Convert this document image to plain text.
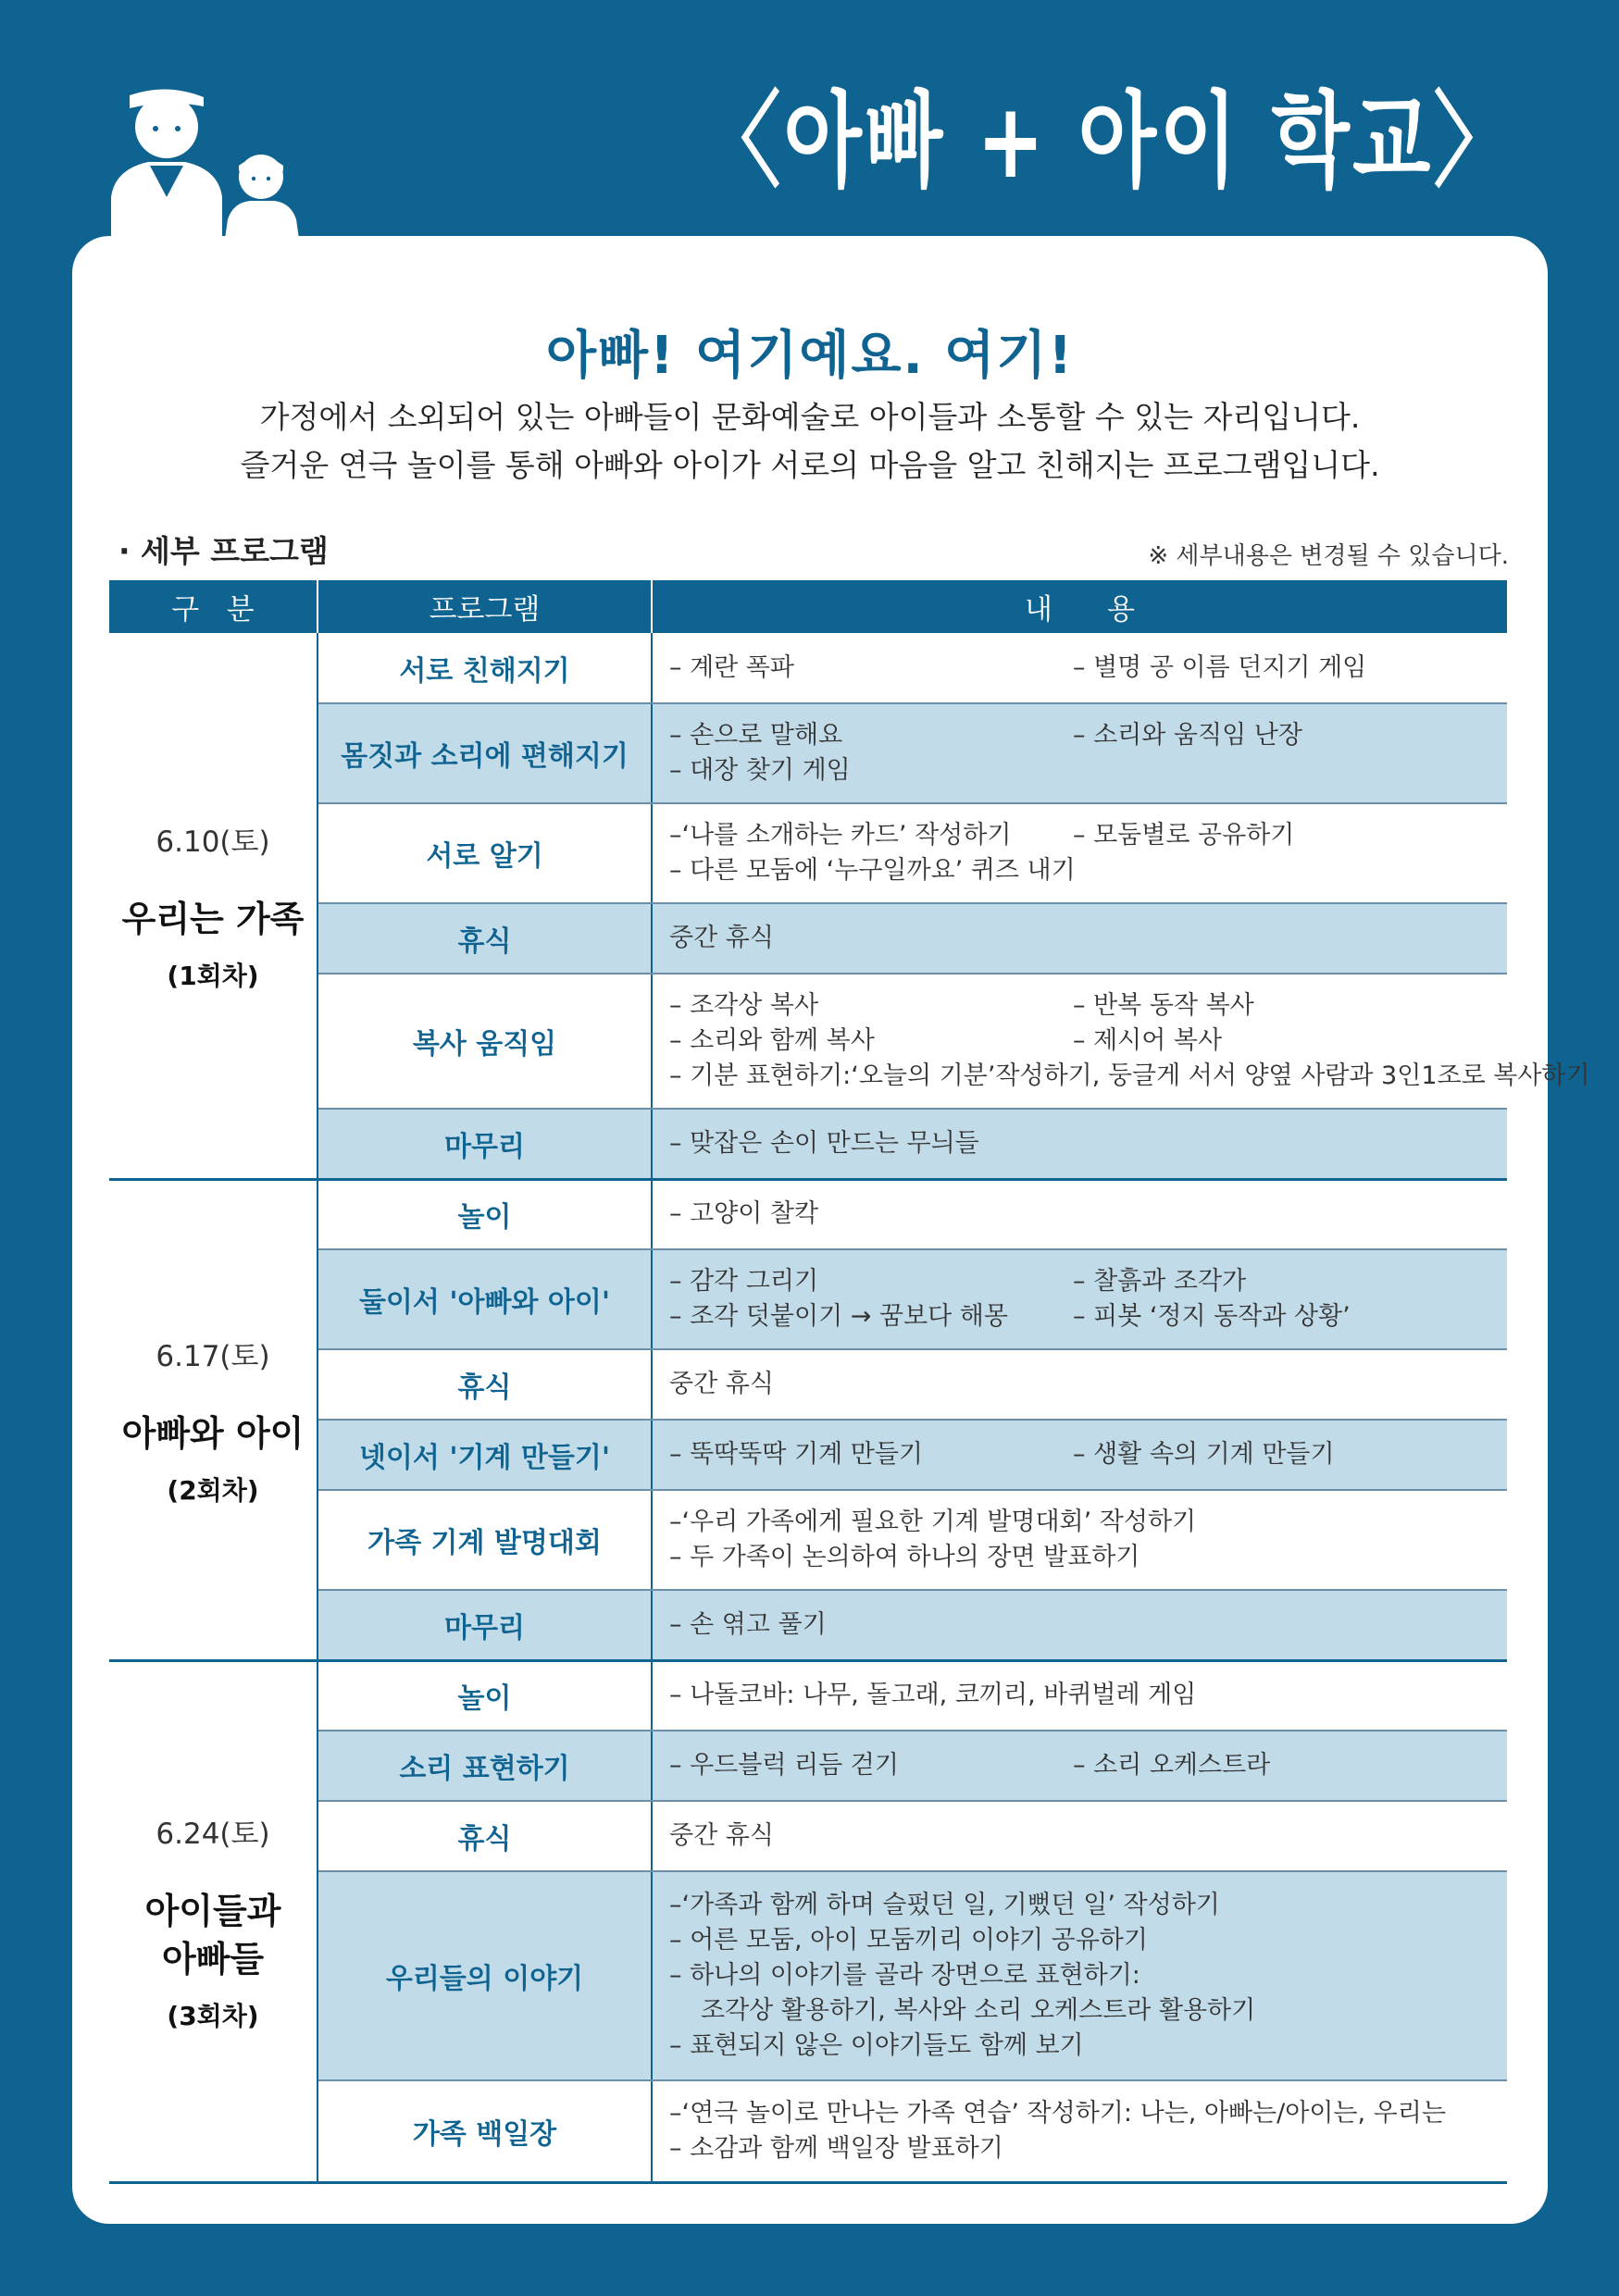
〈아빠 + 아이 학교〉
아빠! 여기예요. 여기!
가정에서 소외되어 있는 아빠들이 문화예술로 아이들과 소통할 수 있는 자리입니다.
즐거운 연극 놀이를 통해 아빠와 아이가 서로의 마음을 알고 친해지는 프로그램입니다.
· 세부 프로그램	※ 세부내용은 변경될 수 있습니다.
구   분	프로그램	내      용

6.10(토)
우리는 가족
(1회차)	서로 친해지기	– 계란 폭파 – 별명 공 이름 던지기 게임

	몸짓과 소리에 편해지기	– 손으로 말해요 – 소리와 움직임 난장
– 대장 찾기 게임

	서로 알기	–‘나를 소개하는 카드’ 작성하기 – 모둠별로 공유하기
– 다른 모둠에 ‘누구일까요’ 퀴즈 내기

	휴식	중간 휴식

	복사 움직임	– 조각상 복사 – 반복 동작 복사
– 소리와 함께 복사 – 제시어 복사
– 기분 표현하기:‘오늘의 기분’작성하기, 둥글게 서서 양옆 사람과 3인1조로 복사하기

	마무리	– 맞잡은 손이 만드는 무늬들

6.17(토)
아빠와 아이
(2회차)	놀이	– 고양이 찰칵

	둘이서 '아빠와 아이'	– 감각 그리기 – 찰흙과 조각가
– 조각 덧붙이기 → 꿈보다 해몽 – 피봇 ‘정지 동작과 상황’

	휴식	중간 휴식

	넷이서 '기계 만들기'	– 뚝딱뚝딱 기계 만들기 – 생활 속의 기계 만들기

	가족 기계 발명대회	–‘우리 가족에게 필요한 기계 발명대회’ 작성하기
– 두 가족이 논의하여 하나의 장면 발표하기

	마무리	– 손 엮고 풀기

6.24(토)
아이들과
아빠들
(3회차)	놀이	– 나돌코바: 나무, 돌고래, 코끼리, 바퀴벌레 게임

	소리 표현하기	– 우드블럭 리듬 걷기 – 소리 오케스트라

	휴식	중간 휴식

	우리들의 이야기	–‘가족과 함께 하며 슬펐던 일, 기뻤던 일’ 작성하기
– 어른 모둠, 아이 모둠끼리 이야기 공유하기
– 하나의 이야기를 골라 장면으로 표현하기:
조각상 활용하기, 복사와 소리 오케스트라 활용하기
– 표현되지 않은 이야기들도 함께 보기

	가족 백일장	–‘연극 놀이로 만나는 가족 연습’ 작성하기: 나는, 아빠는/아이는, 우리는
– 소감과 함께 백일장 발표하기
